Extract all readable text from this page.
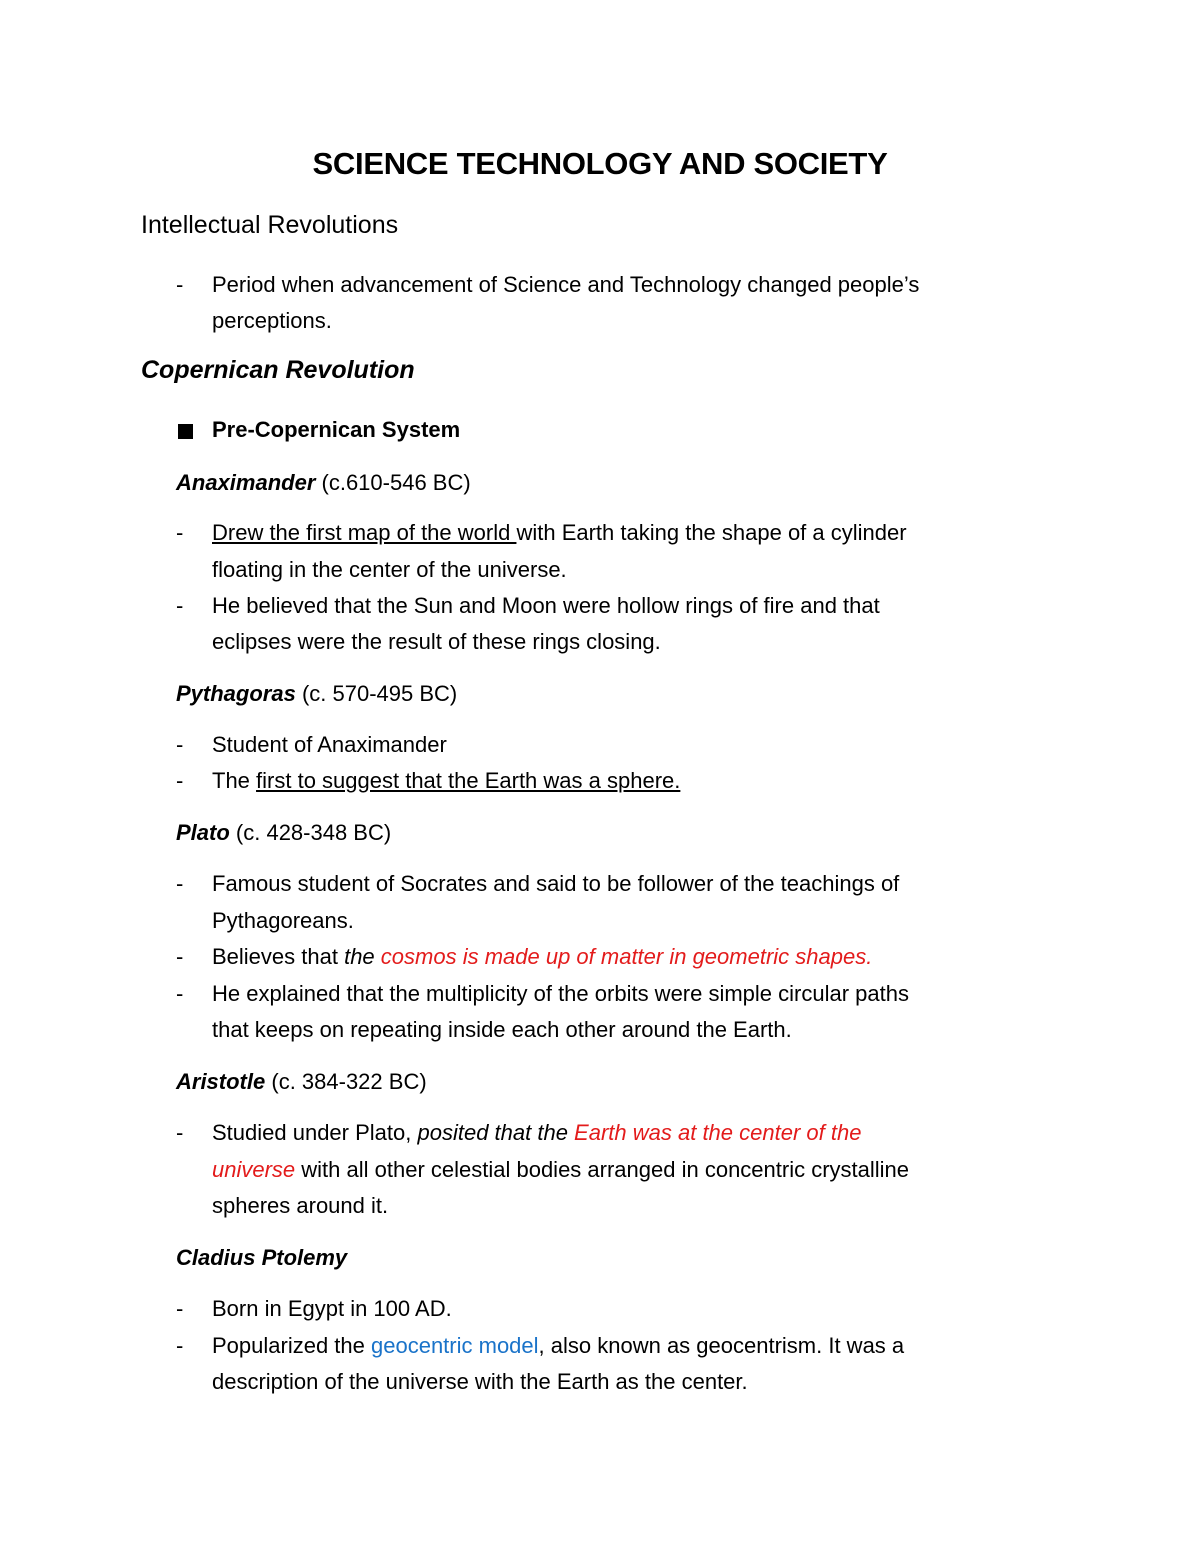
SCIENCE TECHNOLOGY AND SOCIETY
Intellectual Revolutions
- Period when advancement of Science and Technology changed people’s
perceptions.
Copernican Revolution
Pre-Copernican System
Anaximander (c.610-546 BC)
- Drew the first map of the world with Earth taking the shape of a cylinder
floating in the center of the universe.
- He believed that the Sun and Moon were hollow rings of fire and that
eclipses were the result of these rings closing.
Pythagoras (c. 570-495 BC)
- Student of Anaximander
- The first to suggest that the Earth was a sphere.
Plato (c. 428-348 BC)
- Famous student of Socrates and said to be follower of the teachings of
Pythagoreans.
- Believes that the cosmos is made up of matter in geometric shapes.
- He explained that the multiplicity of the orbits were simple circular paths
that keeps on repeating inside each other around the Earth.
Aristotle (c. 384-322 BC)
- Studied under Plato, posited that the Earth was at the center of the
universe with all other celestial bodies arranged in concentric crystalline
spheres around it.
Cladius Ptolemy
- Born in Egypt in 100 AD.
- Popularized the geocentric model, also known as geocentrism. It was a
description of the universe with the Earth as the center.
